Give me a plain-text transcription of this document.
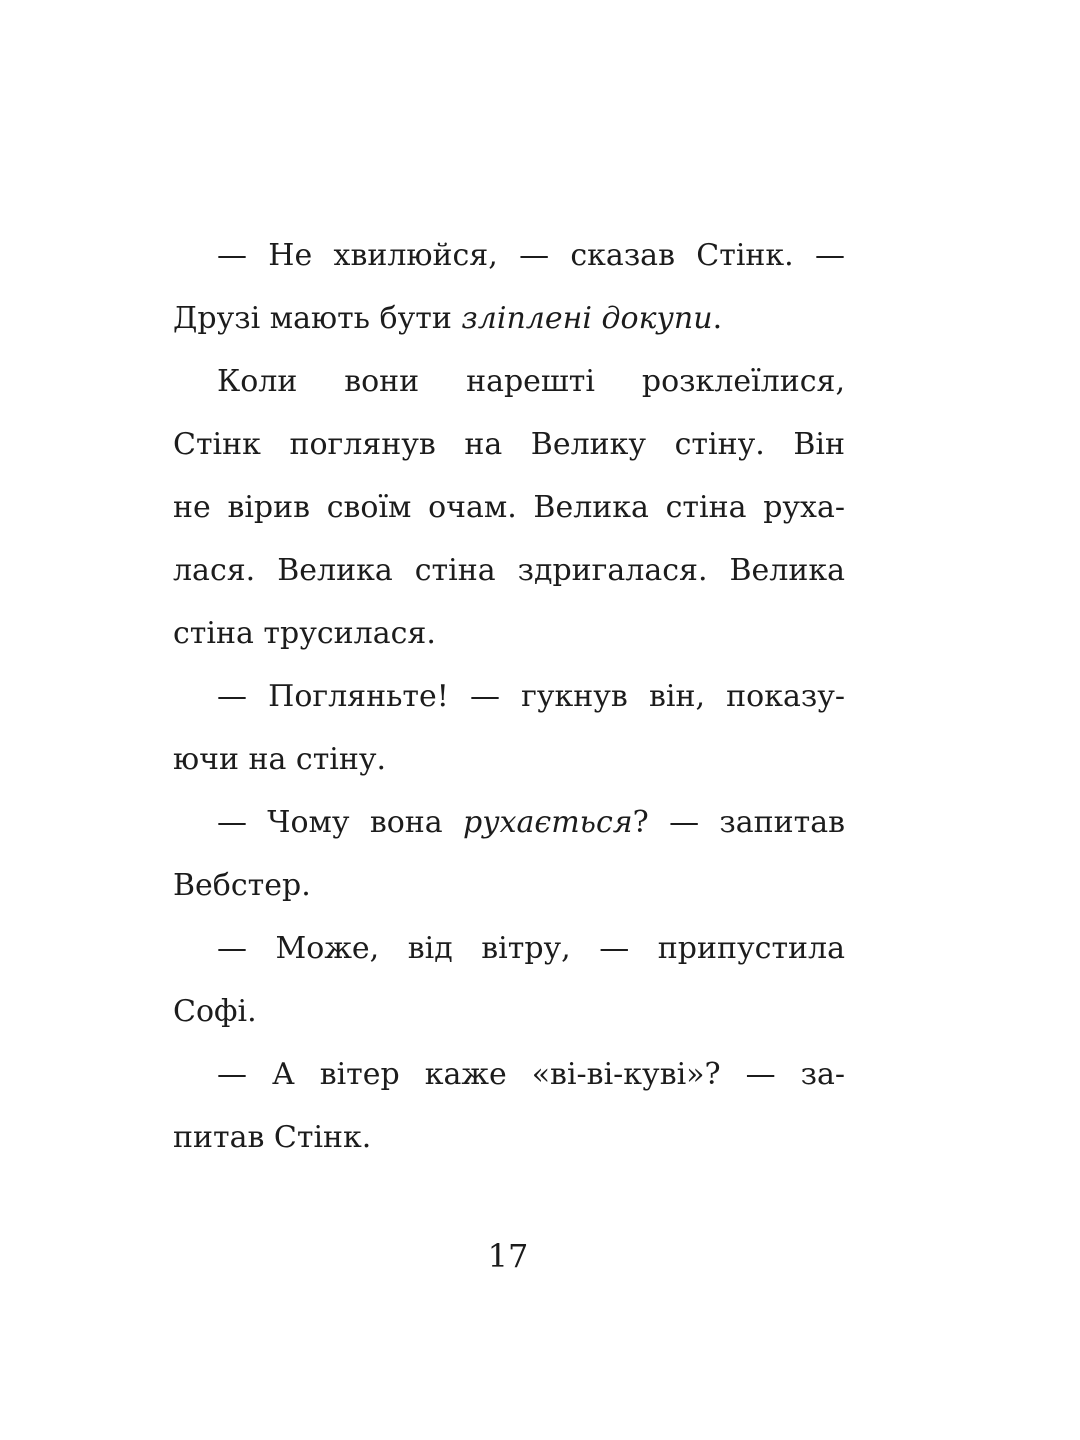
— Не хвилюйся, — сказав Стінк. —
Друзі мають бути зліплені докупи.
Коли вони нарешті розклеїлися,
Стінк поглянув на Велику стіну. Він
не вірив своїм очам. Велика стіна руха-
лася. Велика стіна здригалася. Велика
стіна трусилася.
— Погляньте! — гукнув він, показу-
ючи на стіну.
— Чому вона рухається? — запитав
Вебстер.
— Може, від вітру, — припустила
Софі.
— А вітер каже «ві-ві-куві»? — за-
питав Стінк.
17
